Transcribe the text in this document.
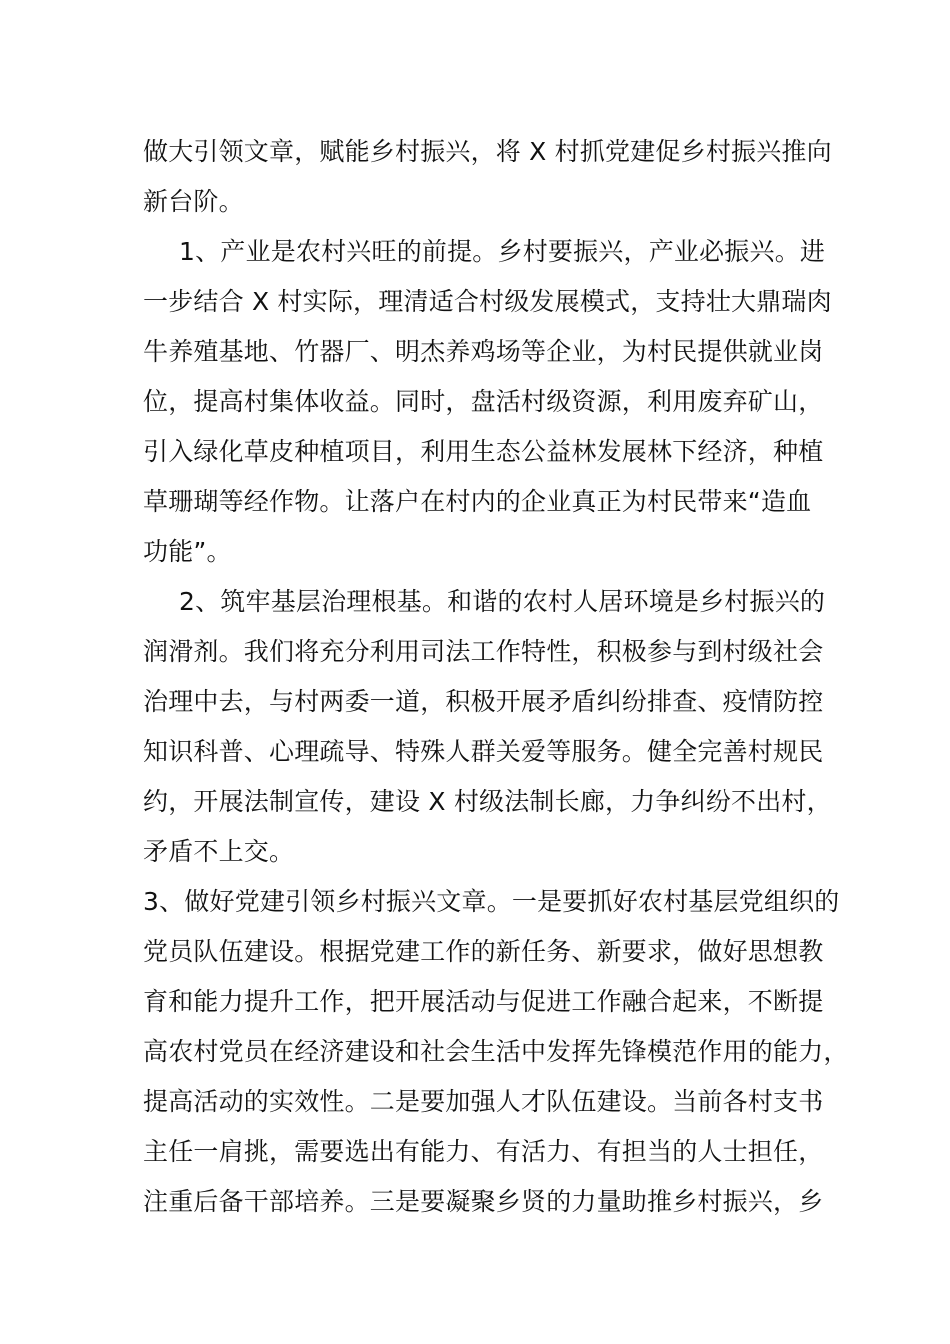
做大引领文章，赋能乡村振兴，将 X 村抓党建促乡村振兴推向
新台阶。
1、产业是农村兴旺的前提。乡村要振兴，产业必振兴。进
一步结合 X 村实际，理清适合村级发展模式，支持壮大鼎瑞肉
牛养殖基地、竹器厂、明杰养鸡场等企业，为村民提供就业岗
位，提高村集体收益。同时，盘活村级资源，利用废弃矿山，
引入绿化草皮种植项目，利用生态公益林发展林下经济，种植
草珊瑚等经作物。让落户在村内的企业真正为村民带来“造血
功能”。
2、筑牢基层治理根基。和谐的农村人居环境是乡村振兴的
润滑剂。我们将充分利用司法工作特性，积极参与到村级社会
治理中去，与村两委一道，积极开展矛盾纠纷排查、疫情防控
知识科普、心理疏导、特殊人群关爱等服务。健全完善村规民
约，开展法制宣传，建设 X 村级法制长廊，力争纠纷不出村，
矛盾不上交。
3、做好党建引领乡村振兴文章。一是要抓好农村基层党组织的
党员队伍建设。根据党建工作的新任务、新要求，做好思想教
育和能力提升工作，把开展活动与促进工作融合起来，不断提
高农村党员在经济建设和社会生活中发挥先锋模范作用的能力，
提高活动的实效性。二是要加强人才队伍建设。当前各村支书
主任一肩挑，需要选出有能力、有活力、有担当的人士担任，
注重后备干部培养。三是要凝聚乡贤的力量助推乡村振兴，乡
